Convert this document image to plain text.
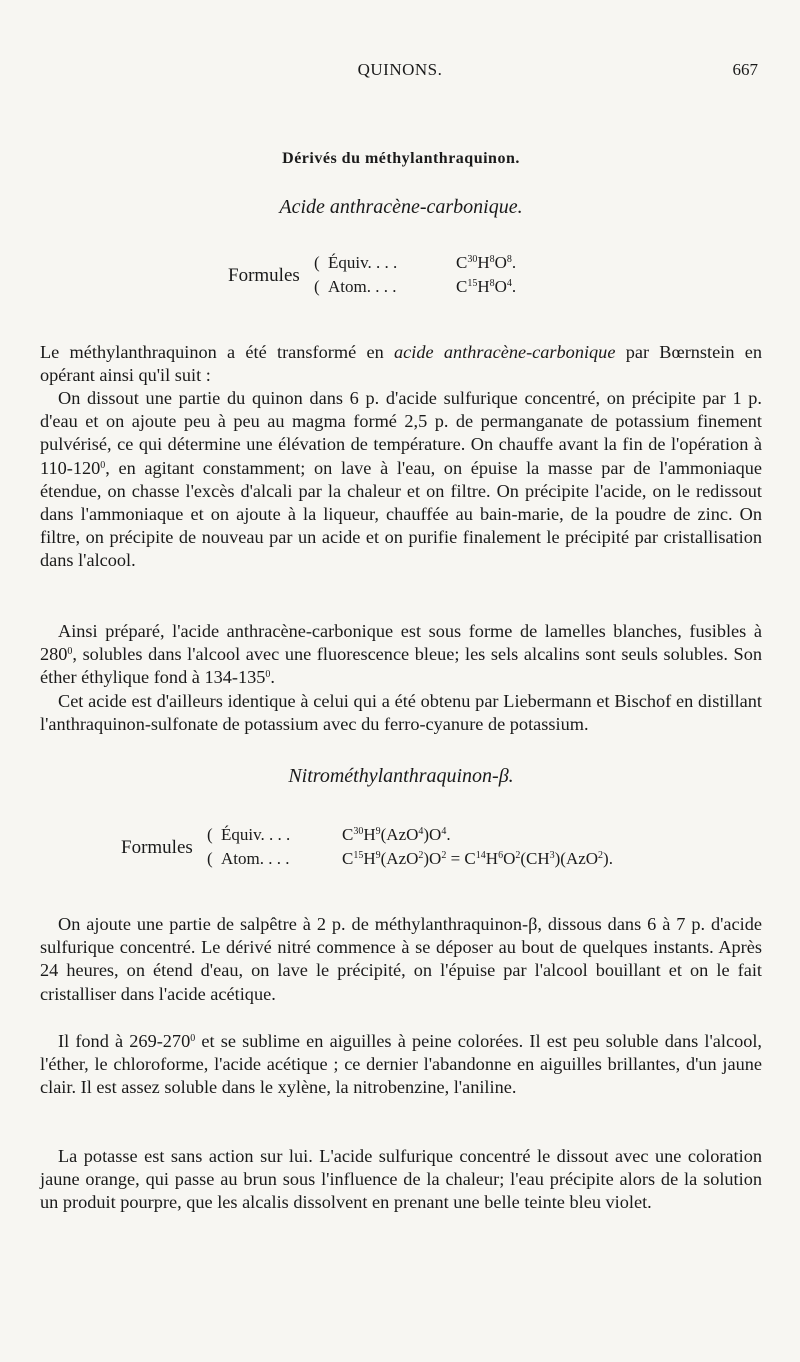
QUINONS.	667
Dérivés du méthylanthraquinon.
Acide anthracène-carbonique.
Formules
(
(
Équiv. . . .	$C^{30}H^8O^8$.
Atom. . . .	$C^{15}H^8O^4$.

Le méthylanthraquinon a été transformé en acide anthracène-carbonique par Bœrnstein en opérant ainsi qu'il suit :

On dissout une partie du quinon dans 6 p. d'acide sulfurique concentré, on précipite par 1 p. d'eau et on ajoute peu à peu au magma formé 2,5 p. de permanganate de potassium finement pulvérisé, ce qui détermine une élévation de température. On chauffe avant la fin de l'opération à $110-120^0$, en agitant constamment; on lave à l'eau, on épuise la masse par de l'ammoniaque étendue, on chasse l'excès d'alcali par la chaleur et on filtre. On précipite l'acide, on le redissout dans l'ammoniaque et on ajoute à la liqueur, chauffée au bain-marie, de la poudre de zinc. On filtre, on précipite de nouveau par un acide et on purifie finalement le précipité par cristallisation dans l'alcool.

Ainsi préparé, l'acide anthracène-carbonique est sous forme de lamelles blanches, fusibles à $280^0$, solubles dans l'alcool avec une fluorescence bleue; les sels alcalins sont seuls solubles. Son éther éthylique fond à $134-135^0$.

Cet acide est d'ailleurs identique à celui qui a été obtenu par Liebermann et Bischof en distillant l'anthraquinon-sulfonate de potassium avec du ferro-cyanure de potassium.

Nitrométhylanthraquinon-β.
Formules
(
(
Équiv. . . .	$C^{30}H^9(AzO^4)O^4$.
Atom. . . .	$C^{15}H^9(AzO^2)O^2 = C^{14}H^6O^2(CH^3)(AzO^2)$.

On ajoute une partie de salpêtre à 2 p. de méthylanthraquinon-β, dissous dans 6 à 7 p. d'acide sulfurique concentré. Le dérivé nitré commence à se déposer au bout de quelques instants. Après 24 heures, on étend d'eau, on lave le précipité, on l'épuise par l'alcool bouillant et on le fait cristalliser dans l'acide acétique.

Il fond à $269-270^0$ et se sublime en aiguilles à peine colorées. Il est peu soluble dans l'alcool, l'éther, le chloroforme, l'acide acétique ; ce dernier l'abandonne en aiguilles brillantes, d'un jaune clair. Il est assez soluble dans le xylène, la nitrobenzine, l'aniline.

La potasse est sans action sur lui. L'acide sulfurique concentré le dissout avec une coloration jaune orange, qui passe au brun sous l'influence de la chaleur; l'eau précipite alors de la solution un produit pourpre, que les alcalis dissolvent en prenant une belle teinte bleu violet.
